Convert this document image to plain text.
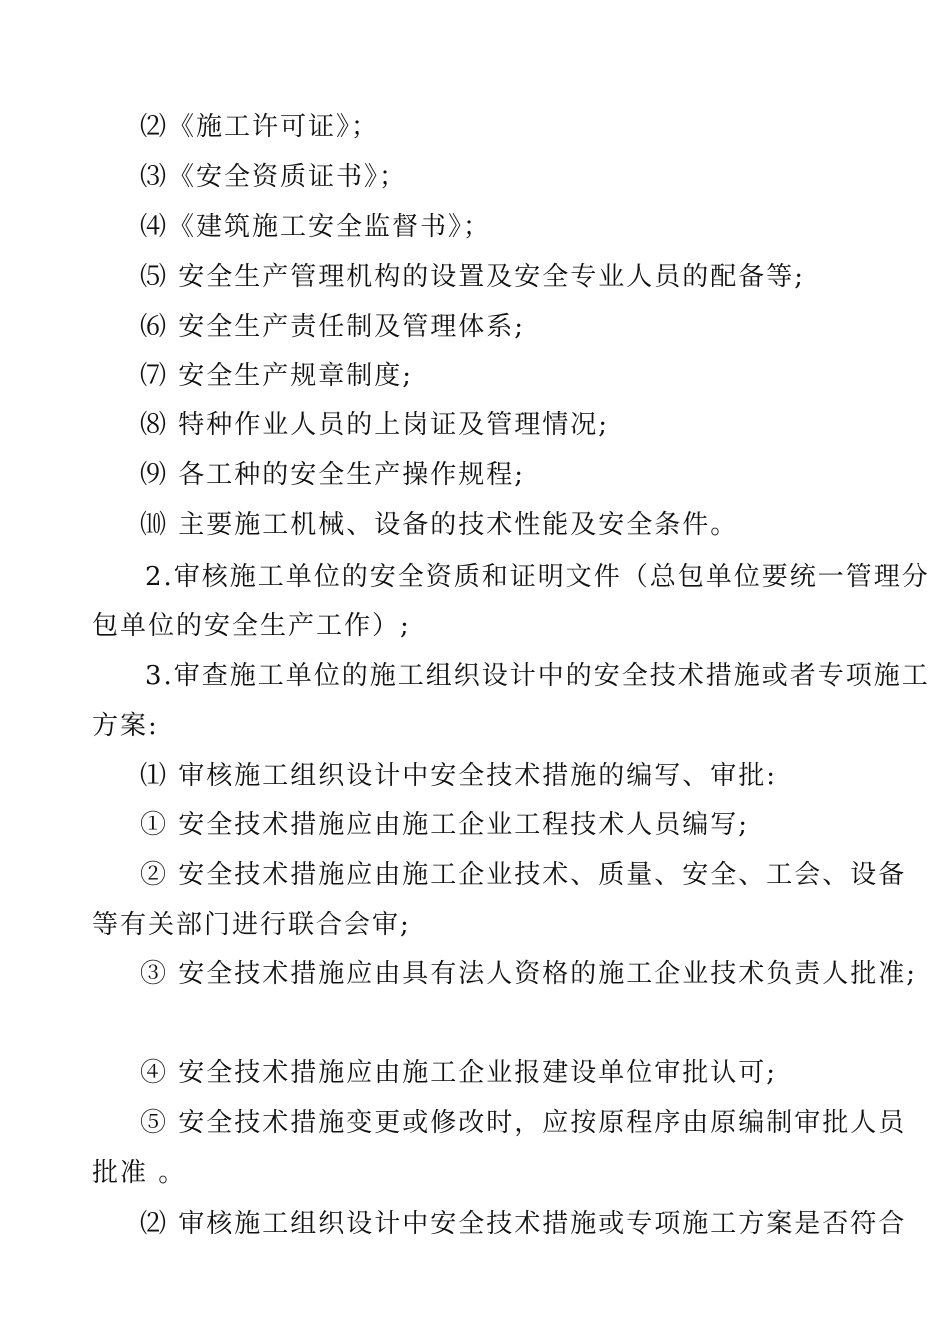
⑵《施工许可证》；
⑶《安全资质证书》；
⑷《建筑施工安全监督书》；
⑸ 安全生产管理机构的设置及安全专业人员的配备等;
⑹ 安全生产责任制及管理体系;
⑺ 安全生产规章制度;
⑻ 特种作业人员的上岗证及管理情况;
⑼ 各工种的安全生产操作规程;
⑽ 主要施工机械、设备的技术性能及安全条件。
2.审核施工单位的安全资质和证明文件（总包单位要统一管理分
包单位的安全生产工作）;
3.审查施工单位的施工组织设计中的安全技术措施或者专项施工
方案:
⑴ 审核施工组织设计中安全技术措施的编写、审批:
① 安全技术措施应由施工企业工程技术人员编写;
② 安全技术措施应由施工企业技术、质量、安全、工会、设备
等有关部门进行联合会审;
③ 安全技术措施应由具有法人资格的施工企业技术负责人批准;
④ 安全技术措施应由施工企业报建设单位审批认可;
⑤ 安全技术措施变更或修改时，应按原程序由原编制审批人员
批准 。
⑵ 审核施工组织设计中安全技术措施或专项施工方案是否符合
